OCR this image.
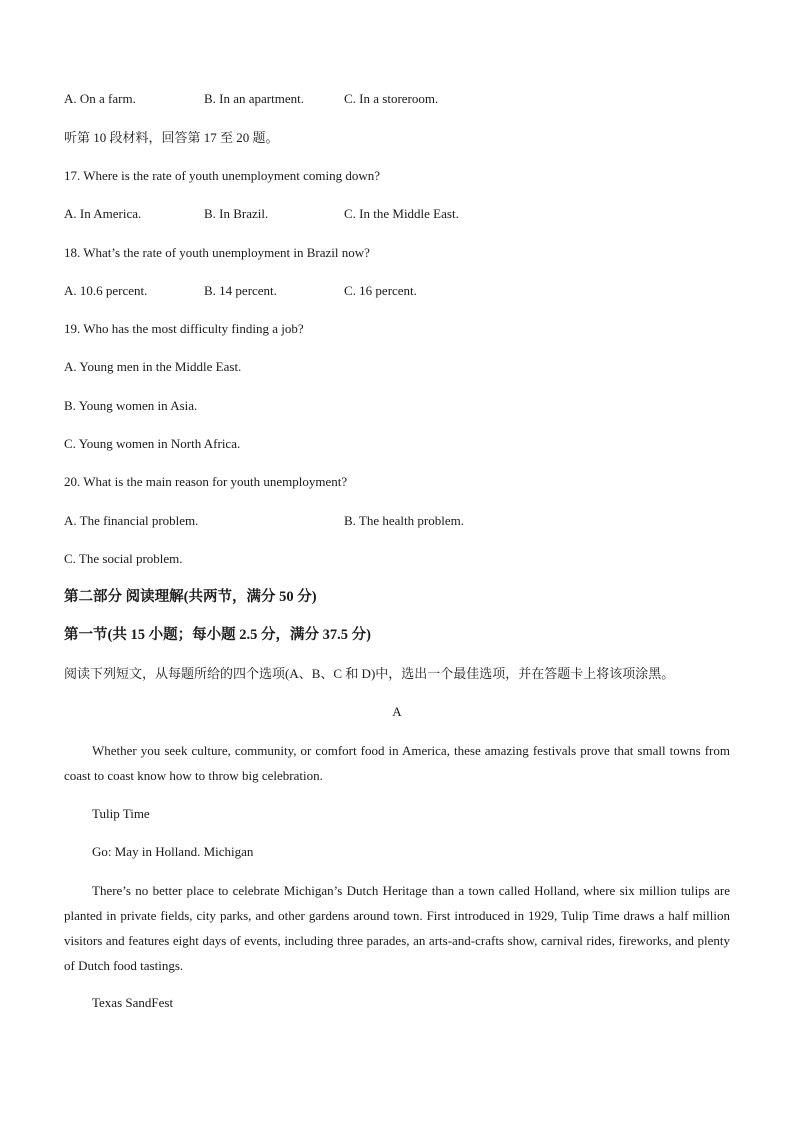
A. On a farm.	B. In an apartment.	C. In a storeroom.
听第 10 段材料，回答第 17 至 20 题。
17. Where is the rate of youth unemployment coming down?
A. In America.	B. In Brazil.	C. In the Middle East.
18. What’s the rate of youth unemployment in Brazil now?
A. 10.6 percent.	B. 14 percent.	C. 16 percent.
19. Who has the most difficulty finding a job?
A. Young men in the Middle East.
B. Young women in Asia.
C. Young women in North Africa.
20. What is the main reason for youth unemployment?
A. The financial problem.	B. The health problem.
C. The social problem.
第二部分 阅读理解(共两节，满分 50 分)
第一节(共 15 小题；每小题 2.5 分，满分 37.5 分)
阅读下列短文，从每题所给的四个选项(A、B、C 和 D)中，选出一个最佳选项，并在答题卡上将该项涂黑。
A
Whether you seek culture, community, or comfort food in America, these amazing festivals prove that small towns from coast to coast know how to throw big celebration.
Tulip Time
Go: May in Holland. Michigan
There’s no better place to celebrate Michigan’s Dutch Heritage than a town called Holland, where six million tulips are planted in private fields, city parks, and other gardens around town. First introduced in 1929, Tulip Time draws a half million visitors and features eight days of events, including three parades, an arts-and-crafts show, carnival rides, fireworks, and plenty of Dutch food tastings.
Texas SandFest
